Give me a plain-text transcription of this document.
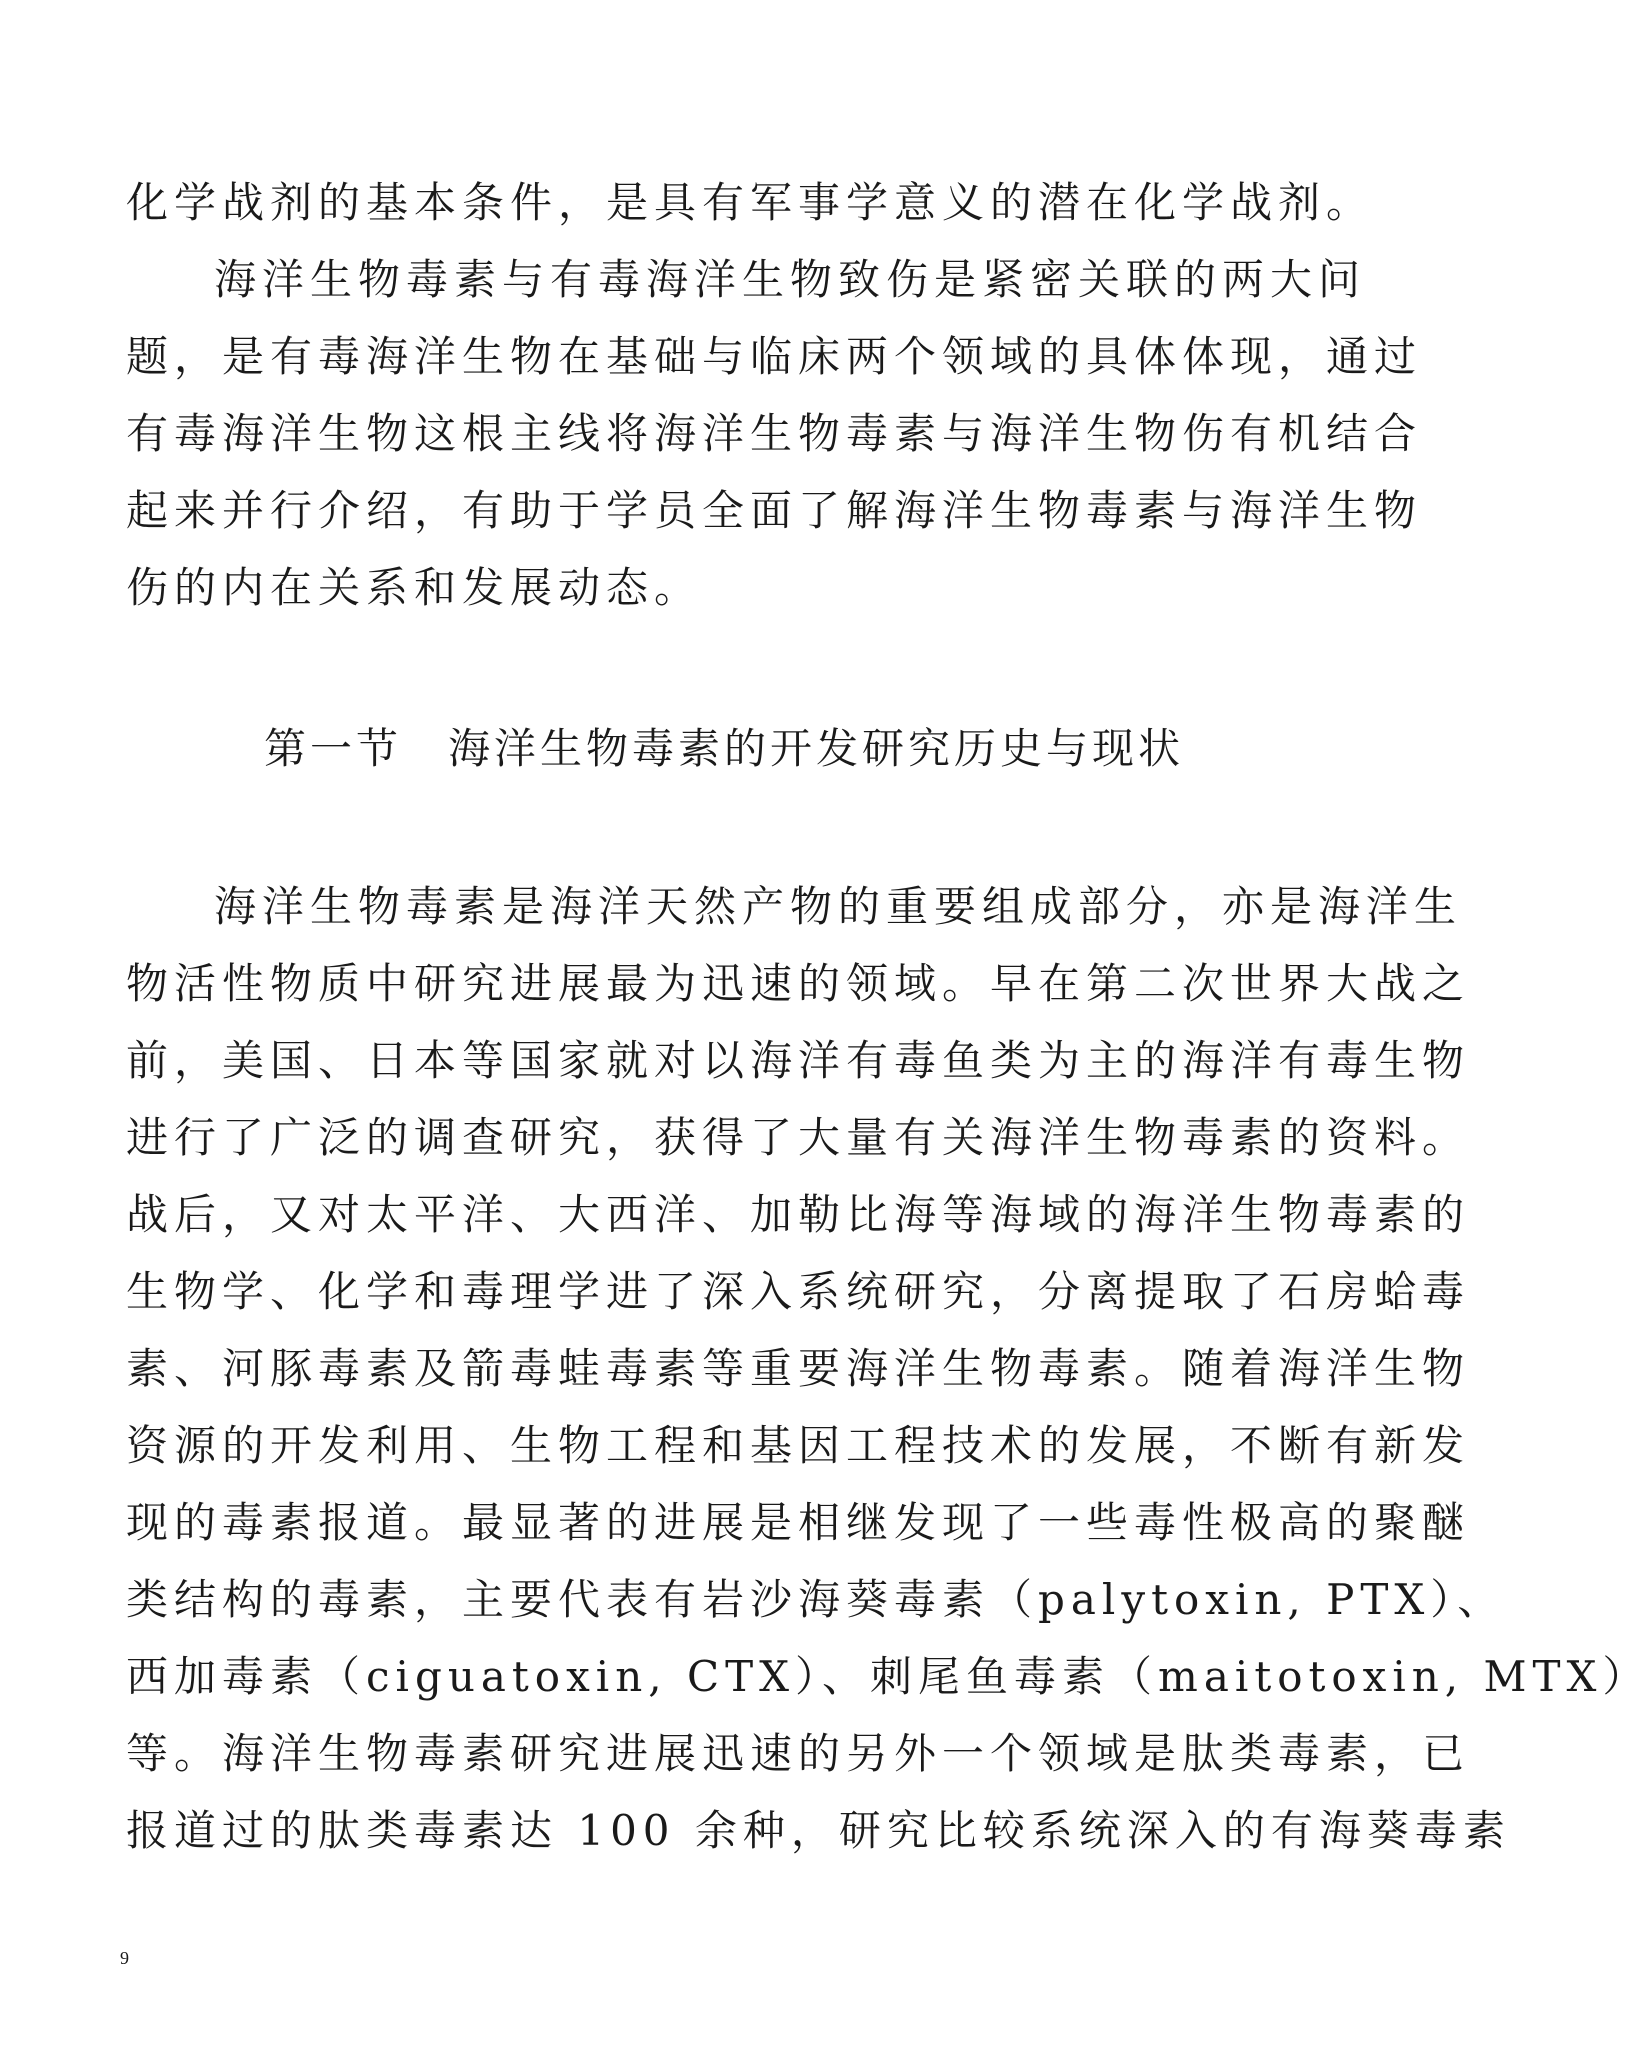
化学战剂的基本条件，是具有军事学意义的潜在化学战剂。
海洋生物毒素与有毒海洋生物致伤是紧密关联的两大问
题，是有毒海洋生物在基础与临床两个领域的具体体现，通过
有毒海洋生物这根主线将海洋生物毒素与海洋生物伤有机结合
起来并行介绍，有助于学员全面了解海洋生物毒素与海洋生物
伤的内在关系和发展动态。
第一节　海洋生物毒素的开发研究历史与现状
海洋生物毒素是海洋天然产物的重要组成部分，亦是海洋生
物活性物质中研究进展最为迅速的领域。早在第二次世界大战之
前，美国、日本等国家就对以海洋有毒鱼类为主的海洋有毒生物
进行了广泛的调查研究，获得了大量有关海洋生物毒素的资料。
战后，又对太平洋、大西洋、加勒比海等海域的海洋生物毒素的
生物学、化学和毒理学进了深入系统研究，分离提取了石房蛤毒
素、河豚毒素及箭毒蛙毒素等重要海洋生物毒素。随着海洋生物
资源的开发利用、生物工程和基因工程技术的发展，不断有新发
现的毒素报道。最显著的进展是相继发现了一些毒性极高的聚醚
类结构的毒素，主要代表有岩沙海葵毒素（palytoxin, PTX）、
西加毒素（ciguatoxin, CTX）、刺尾鱼毒素（maitotoxin, MTX）
等。海洋生物毒素研究进展迅速的另外一个领域是肽类毒素，已
报道过的肽类毒素达 100 余种，研究比较系统深入的有海葵毒素
9
